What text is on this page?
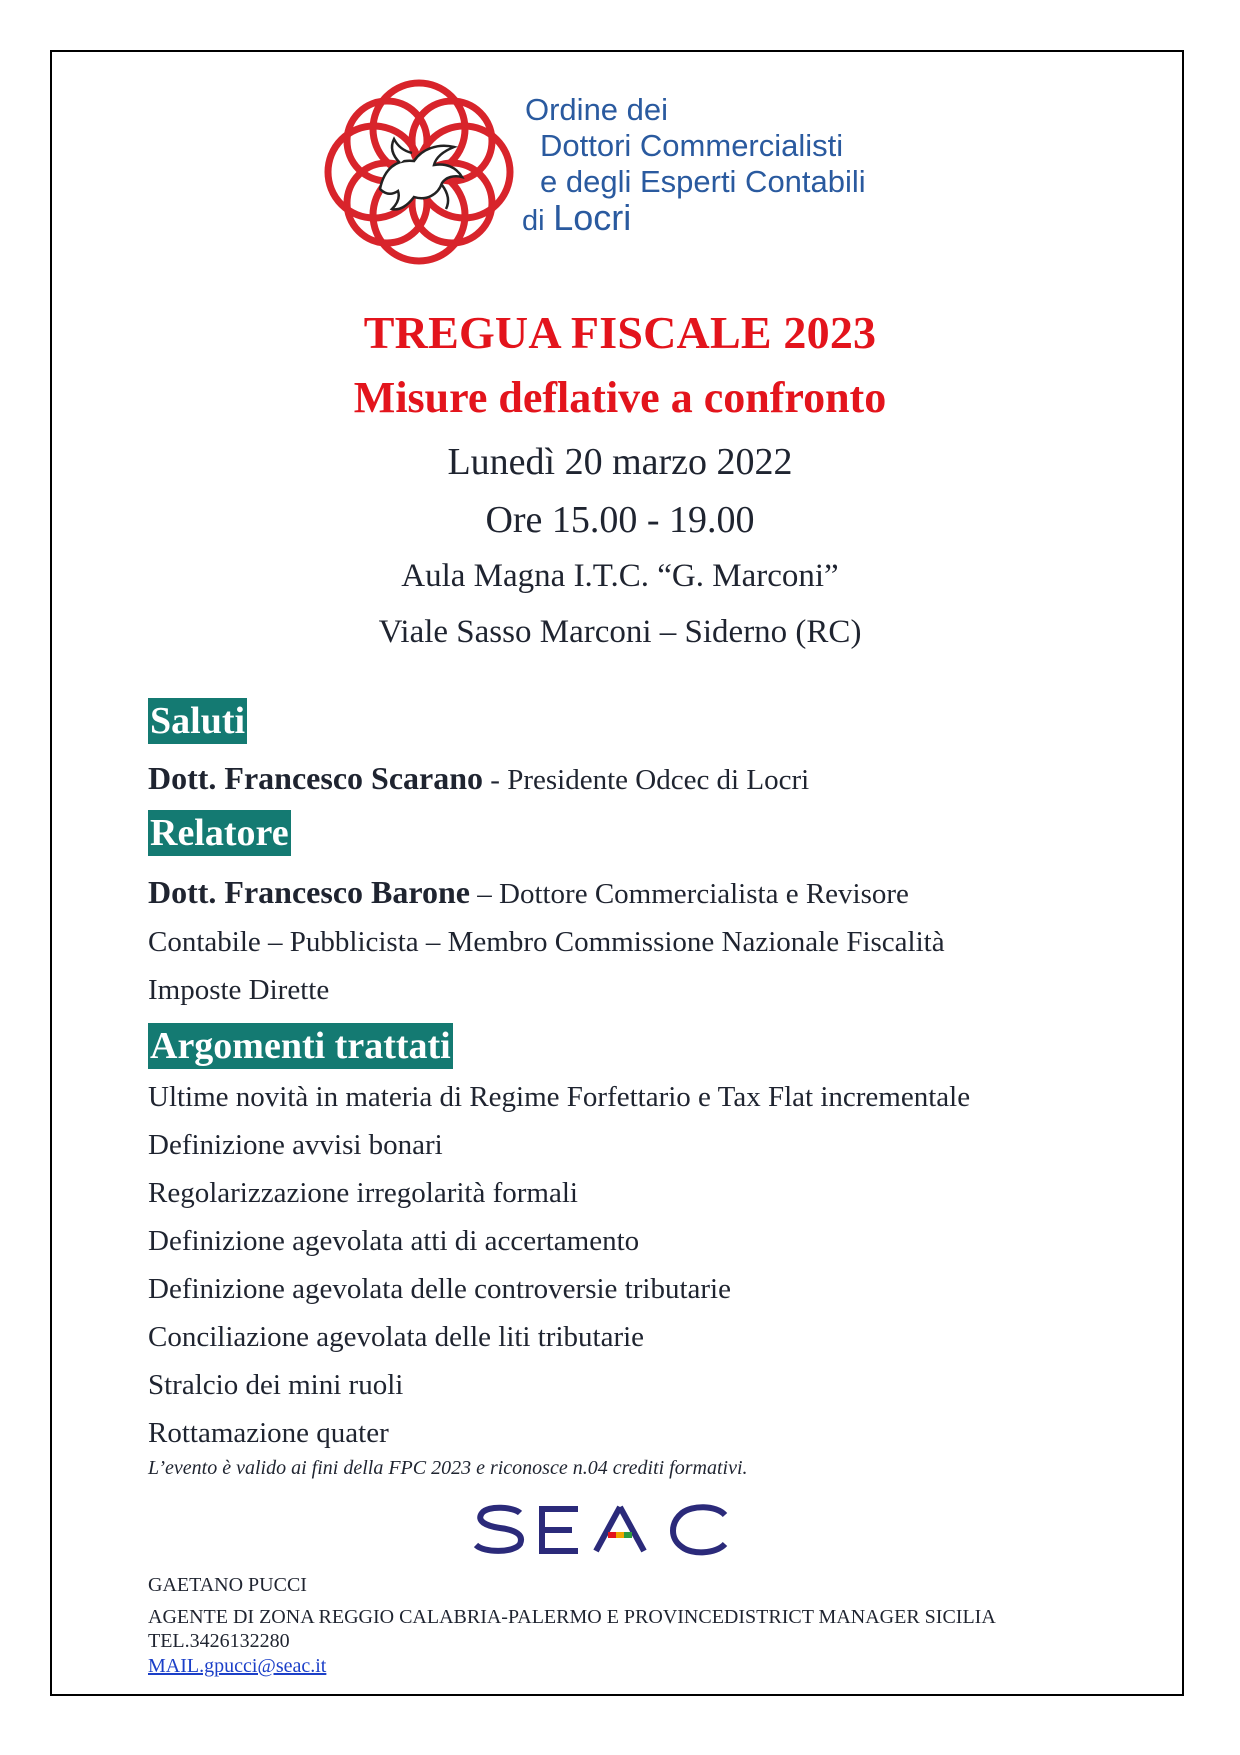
Ordine dei
Dottori Commercialisti
e degli Esperti Contabili
di Locri
TREGUA FISCALE 2023
Misure deflative a confronto
Lunedì 20 marzo 2022
Ore 15.00 - 19.00
Aula Magna I.T.C. “G. Marconi”
Viale Sasso Marconi – Siderno (RC)
Saluti
Dott. Francesco Scarano - Presidente Odcec di Locri
Relatore
Dott. Francesco Barone – Dottore Commercialista e Revisore
Contabile – Pubblicista – Membro Commissione Nazionale Fiscalità
Imposte Dirette
Argomenti trattati
Ultime novità in materia di Regime Forfettario e Tax Flat incrementale
Definizione avvisi bonari
Regolarizzazione irregolarità formali
Definizione agevolata atti di accertamento
Definizione agevolata delle controversie tributarie
Conciliazione agevolata delle liti tributarie
Stralcio dei mini ruoli
Rottamazione quater
L’evento è valido ai fini della FPC 2023 e riconosce n.04 crediti formativi.
GAETANO PUCCI
AGENTE DI ZONA REGGIO CALABRIA-PALERMO E PROVINCEDISTRICT MANAGER SICILIA
TEL.3426132280
MAIL.gpucci@seac.it
